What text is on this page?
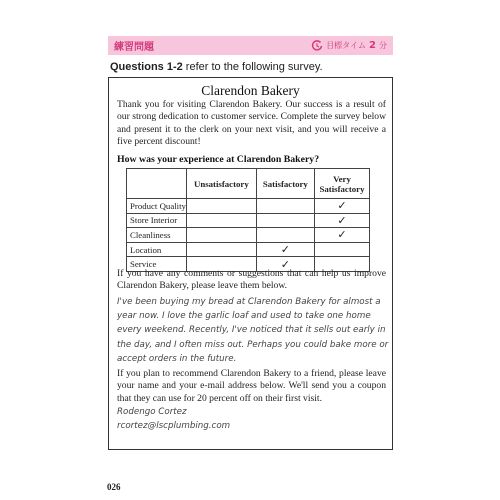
練習問題	目標タイム 2 分
Questions 1-2 refer to the following survey.
Clarendon Bakery
Thank you for visiting Clarendon Bakery. Our success is a result of our strong dedication to customer service. Complete the survey below and present it to the clerk on your next visit, and you will receive a five percent discount!
How was your experience at Clarendon Bakery?
	Unsatisfactory	Satisfactory	Very Satisfactory
Product Quality			✓
Store Interior			✓
Cleanliness			✓
Location		✓	
Service		✓	
If you have any comments or suggestions that can help us improve Clarendon Bakery, please leave them below.
I've been buying my bread at Clarendon Bakery for almost a year now. I love the garlic loaf and used to take one home every weekend. Recently, I've noticed that it sells out early in the day, and I often miss out. Perhaps you could bake more or accept orders in the future.
If you plan to recommend Clarendon Bakery to a friend, please leave your name and your e-mail address below. We'll send you a coupon that they can use for 20 percent off on their first visit.
Rodengo Cortez
rcortez@lscplumbing.com
026
